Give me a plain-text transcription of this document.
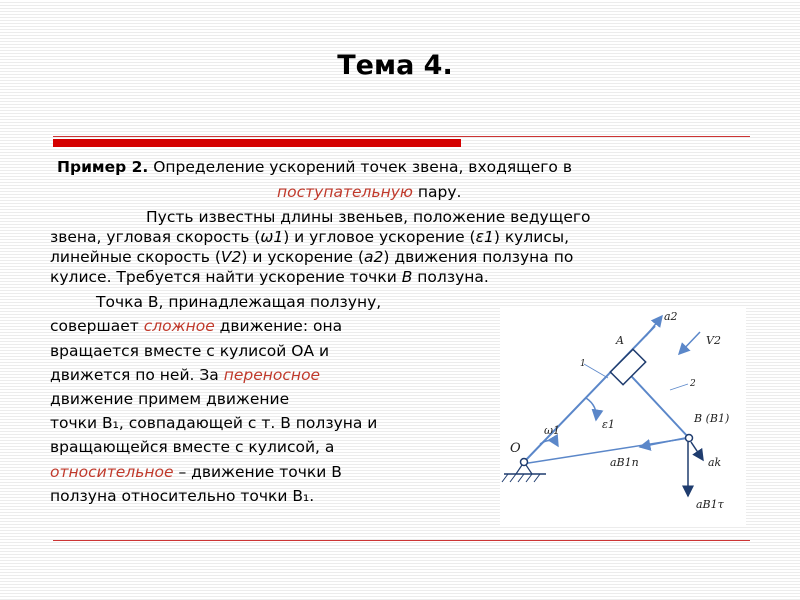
Тема 4.
Пример 2. Определение ускорений точек звена, входящего в
поступательную пару.
Пусть известны длины звеньев, положение ведущего
звена, угловая скорость (ω1) и угловое ускорение (ε1) кулисы,
линейные скорость (V2) и ускорение (a2) движения ползуна по
кулисе. Требуется найти ускорение точки B ползуна.
Точка B, принадлежащая ползуну,
совершает сложное движение: она
вращается вместе с кулисой ОА и
движется по ней. За переносное
движение примем движение
точки B₁, совпадающей с т. B ползуна и
вращающейся вместе с кулисой, а
относительное – движение точки B
ползуна относительно точки B₁.
O
A
1
2
B (B1)
a2
V2
ε1
ω1
aB1n	ak
aB1τ
